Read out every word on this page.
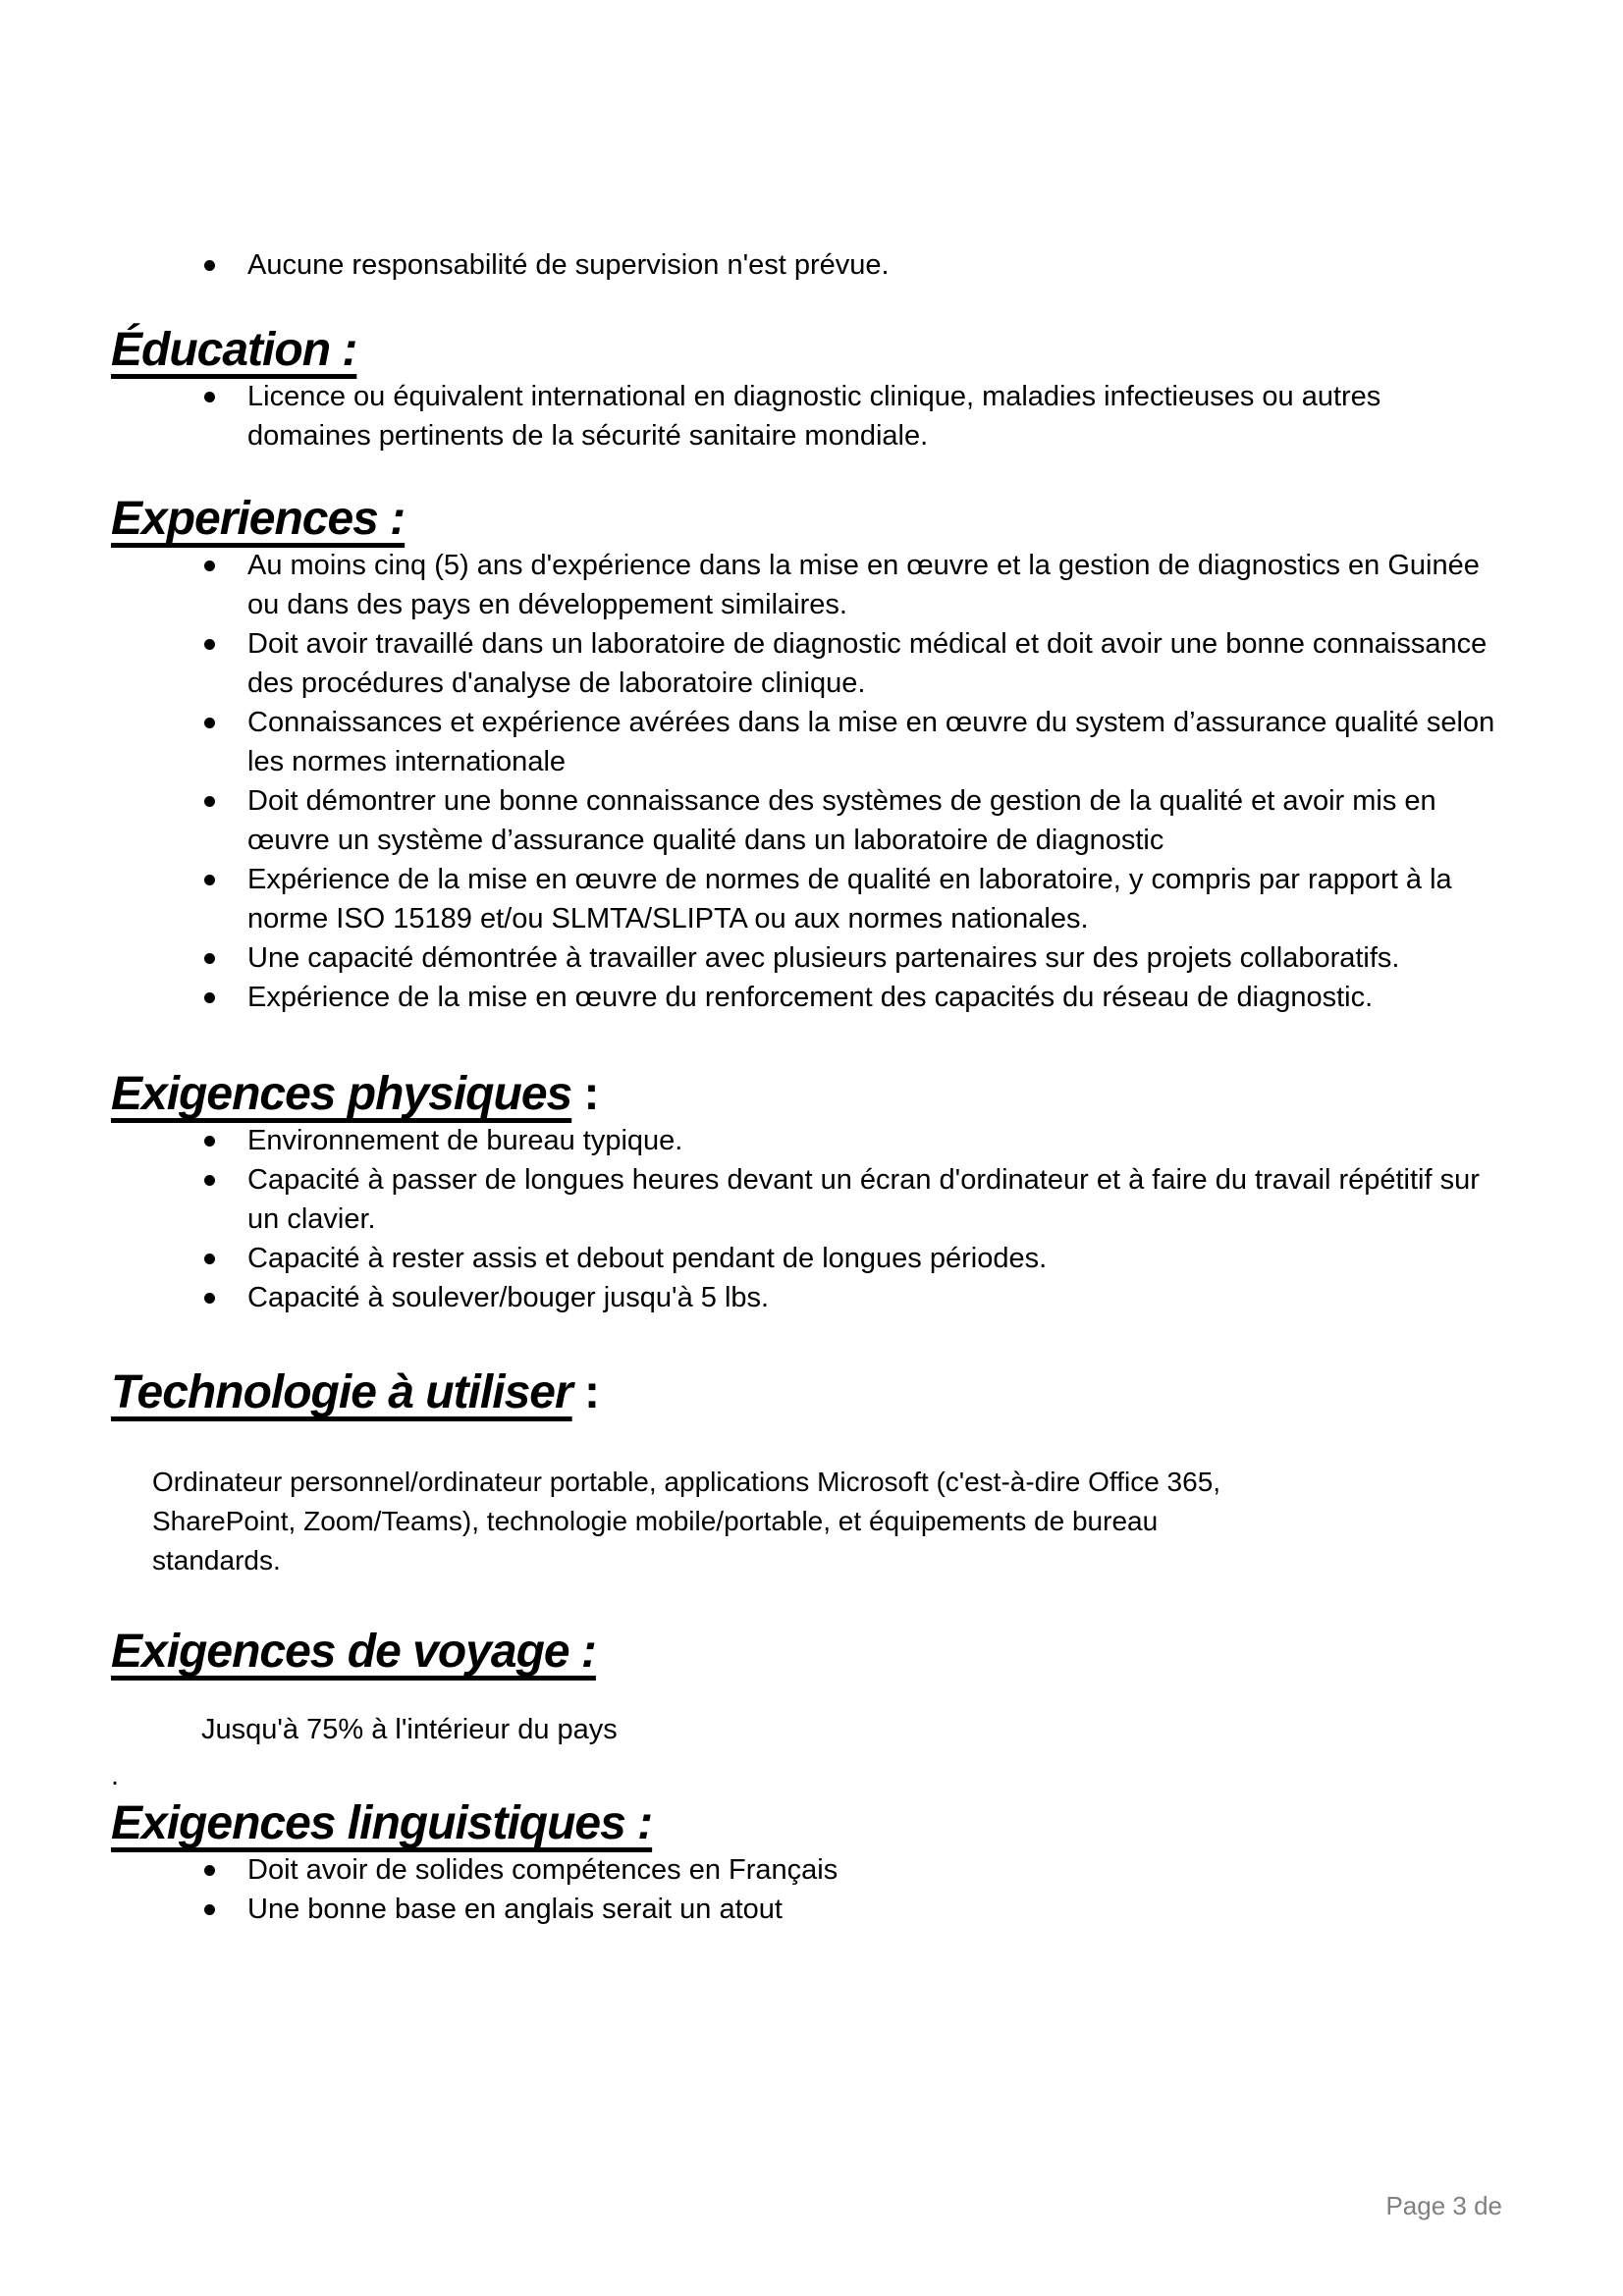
Aucune responsabilité de supervision n'est prévue.
Éducation :
Licence ou équivalent international en diagnostic clinique, maladies infectieuses ou autres domaines pertinents de la sécurité sanitaire mondiale.
Experiences :
Au moins cinq (5) ans d'expérience dans la mise en œuvre et la gestion de diagnostics en Guinée ou dans des pays en développement similaires.
Doit avoir travaillé dans un laboratoire de diagnostic médical et doit avoir une bonne connaissance des procédures d'analyse de laboratoire clinique.
Connaissances et expérience avérées dans la mise en œuvre du system d’assurance qualité selon les normes internationale
Doit démontrer une bonne connaissance des systèmes de gestion de la qualité et avoir mis en œuvre un système d’assurance qualité dans un laboratoire de diagnostic
Expérience de la mise en œuvre de normes de qualité en laboratoire, y compris par rapport à la norme ISO 15189 et/ou SLMTA/SLIPTA ou aux normes nationales.
Une capacité démontrée à travailler avec plusieurs partenaires sur des projets collaboratifs.
Expérience de la mise en œuvre du renforcement des capacités du réseau de diagnostic.
Exigences physiques :
Environnement de bureau typique.
Capacité à passer de longues heures devant un écran d'ordinateur et à faire du travail répétitif sur un clavier.
Capacité à rester assis et debout pendant de longues périodes.
Capacité à soulever/bouger jusqu'à 5 lbs.
Technologie à utiliser :
Ordinateur personnel/ordinateur portable, applications Microsoft (c'est-à-dire Office 365,
SharePoint, Zoom/Teams), technologie mobile/portable, et équipements de bureau
standards.
Exigences de voyage :
Jusqu'à 75% à l'intérieur du pays
.
Exigences linguistiques :
Doit avoir de solides compétences en Français
Une bonne base en anglais serait un atout
Page 3 de
